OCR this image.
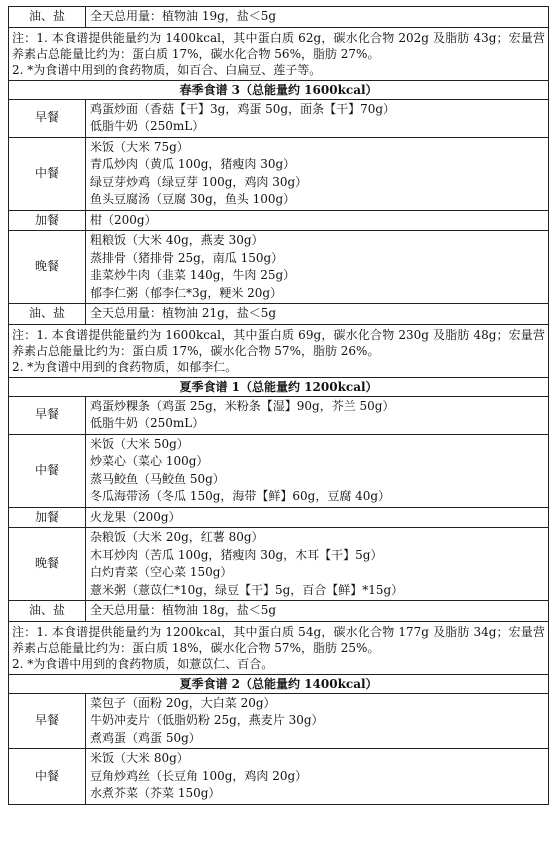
油、盐	全天总用量：植物油 19g，盐＜5g

注：1. 本食谱提供能量约为 1400kcal，其中蛋白质 62g，碳水化合物 202g 及脂肪 43g；宏量营养素占总能量比约为：蛋白质 17%，碳水化合物 56%，脂肪 27%。
2. *为食谱中用到的食药物质，如百合、白扁豆、莲子等。	

春季食谱 3（总能量约 1600kcal）	
早餐	鸡蛋炒面（香菇【干】3g，鸡蛋 50g，面条【干】70g）
低脂牛奶（250mL）

中餐	米饭（大米 75g）
青瓜炒肉（黄瓜 100g，猪瘦肉 30g）
绿豆芽炒鸡（绿豆芽 100g，鸡肉 30g）
鱼头豆腐汤（豆腐 30g，鱼头 100g）

加餐	柑（200g）

晚餐	粗粮饭（大米 40g，燕麦 30g）
蒸排骨（猪排骨 25g，南瓜 150g）
韭菜炒牛肉（韭菜 140g，牛肉 25g）
郁李仁粥（郁李仁*3g，粳米 20g）

油、盐	全天总用量：植物油 21g，盐＜5g

注：1. 本食谱提供能量约为 1600kcal，其中蛋白质 69g，碳水化合物 230g 及脂肪 48g；宏量营养素占总能量比约为：蛋白质 17%，碳水化合物 57%，脂肪 26%。
2. *为食谱中用到的食药物质，如郁李仁。	

夏季食谱 1（总能量约 1200kcal）	
早餐	鸡蛋炒粿条（鸡蛋 25g，米粉条【湿】90g，芥兰 50g）
低脂牛奶（250mL）

中餐	米饭（大米 50g）
炒菜心（菜心 100g）
蒸马鲛鱼（马鲛鱼 50g）
冬瓜海带汤（冬瓜 150g，海带【鲜】60g，豆腐 40g）

加餐	火龙果（200g）

晚餐	杂粮饭（大米 20g，红薯 80g）
木耳炒肉（苦瓜 100g，猪瘦肉 30g，木耳【干】5g）
白灼青菜（空心菜 150g）
薏米粥（薏苡仁*10g，绿豆【干】5g，百合【鲜】*15g）

油、盐	全天总用量：植物油 18g，盐＜5g

注：1. 本食谱提供能量约为 1200kcal，其中蛋白质 54g，碳水化合物 177g 及脂肪 34g；宏量营养素占总能量比约为：蛋白质 18%，碳水化合物 57%，脂肪 25%。
2. *为食谱中用到的食药物质，如薏苡仁、百合。	

夏季食谱 2（总能量约 1400kcal）	
早餐	菜包子（面粉 20g，大白菜 20g）
牛奶冲麦片（低脂奶粉 25g，燕麦片 30g）
煮鸡蛋（鸡蛋 50g）

中餐	米饭（大米 80g）
豆角炒鸡丝（长豆角 100g，鸡肉 20g）
水煮芥菜（芥菜 150g）
